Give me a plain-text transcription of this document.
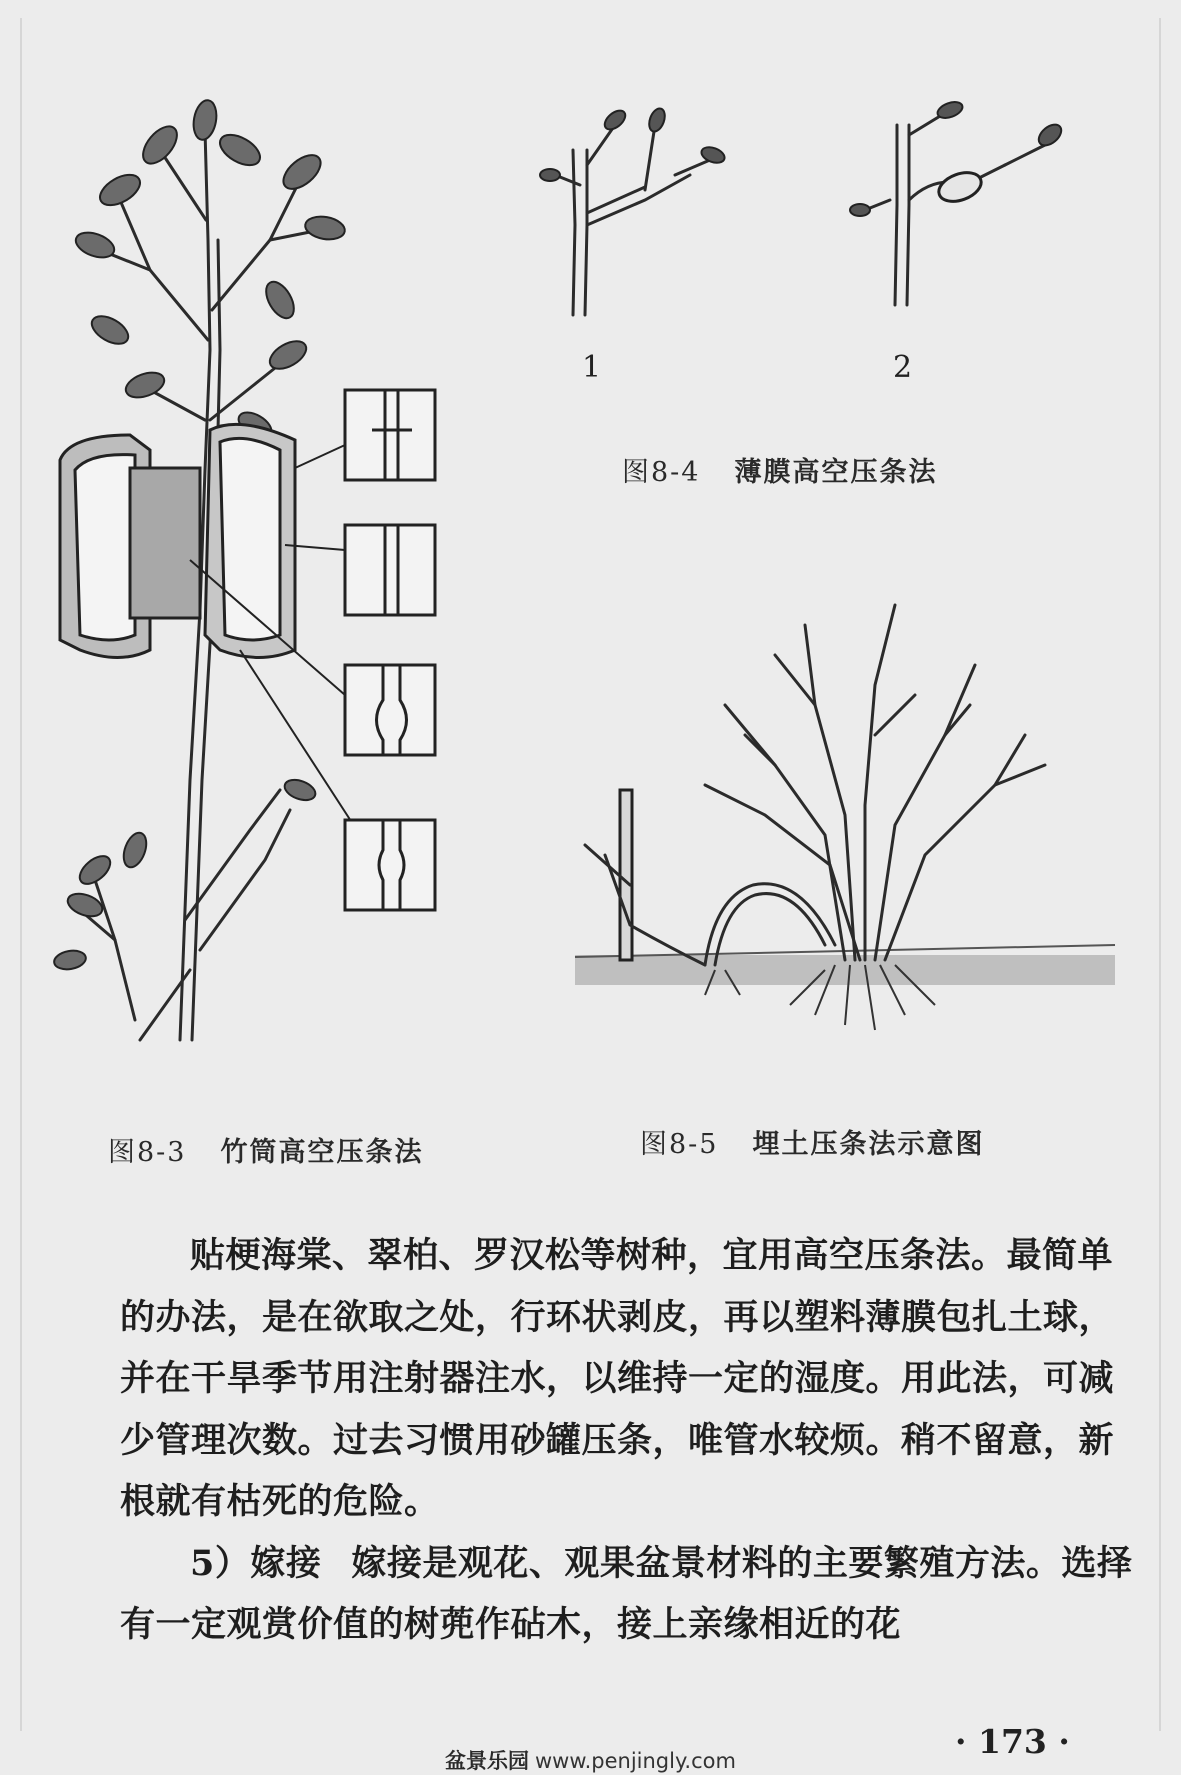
1	2
图8-4 薄膜高空压条法
图8-3 竹筒高空压条法	图8-5 埋土压条法示意图

贴梗海棠、翠柏、罗汉松等树种，宜用高空压条法。最简单的办法，是在欲取之处，行环状剥皮，再以塑料薄膜包扎土球，并在干旱季节用注射器注水，以维持一定的湿度。用此法，可减少管理次数。过去习惯用砂罐压条，唯管水较烦。稍不留意，新根就有枯死的危险。

5）嫁接 嫁接是观花、观果盆景材料的主要繁殖方法。选择有一定观赏价值的树蔸作砧木，接上亲缘相近的花

· 173 ·
盆景乐园 www.penjingly.com
